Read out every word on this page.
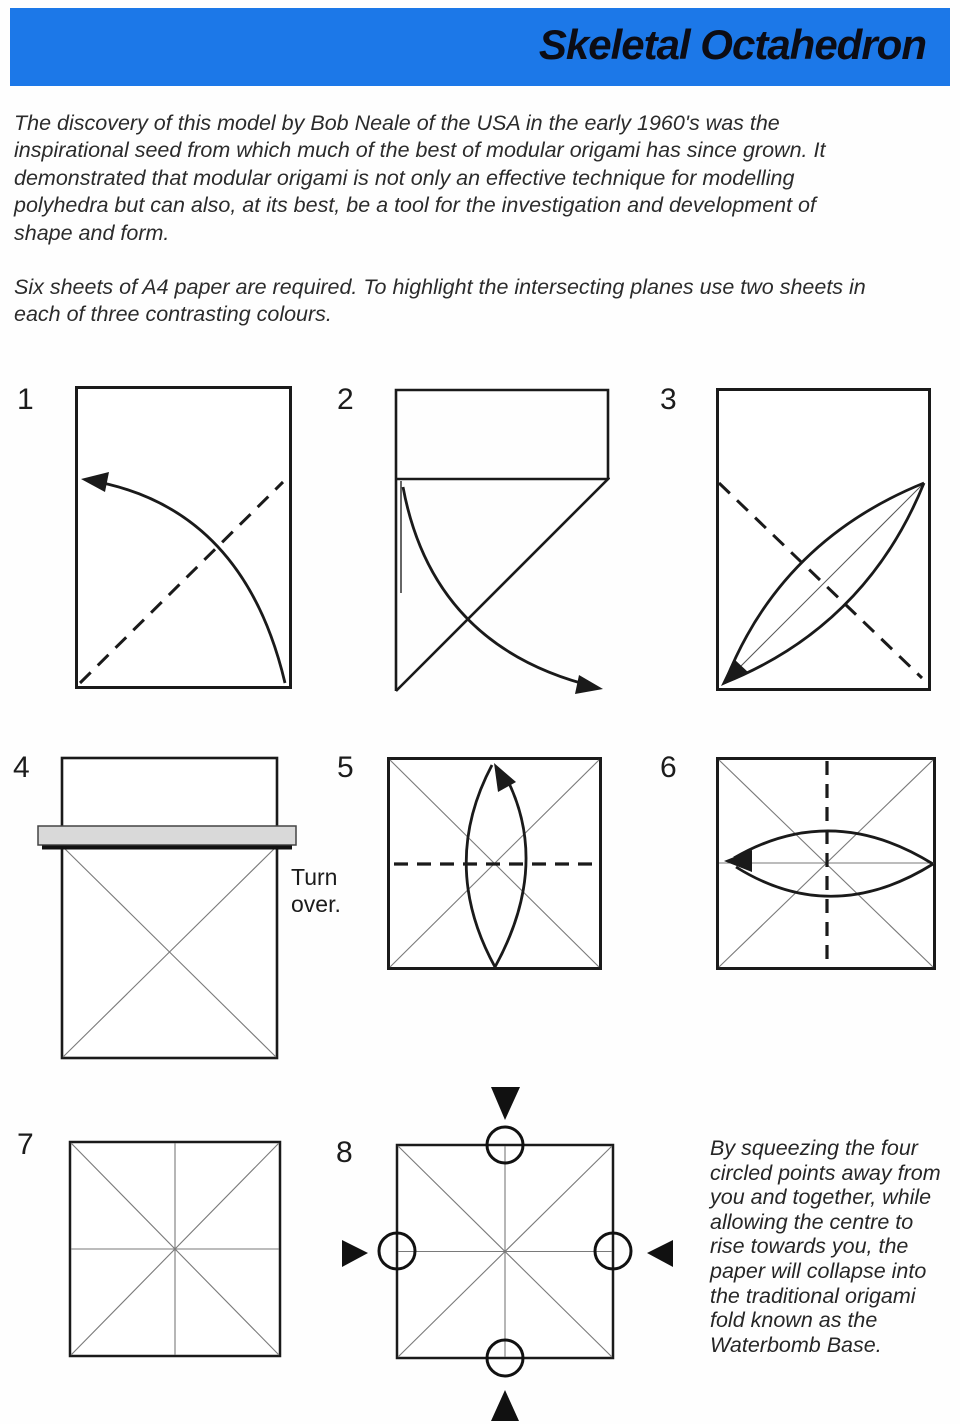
Skeletal Octahedron
The discovery of this model by Bob Neale of the USA in the early 1960's was the
inspirational seed from which much of the best of modular origami has since grown. It
demonstrated that modular origami is not only an effective technique for modelling
polyhedra but can also, at its best, be a tool for the investigation and development of
shape and form.
Six sheets of A4 paper are required. To highlight the intersecting planes use two sheets in
each of three contrasting colours.
1	2	3
4	5	6
7	8
Turn
over.
By squeezing the four
circled points away from
you and together, while
allowing the centre to
rise towards you, the
paper will collapse into
the traditional origami
fold known as the
Waterbomb Base.
